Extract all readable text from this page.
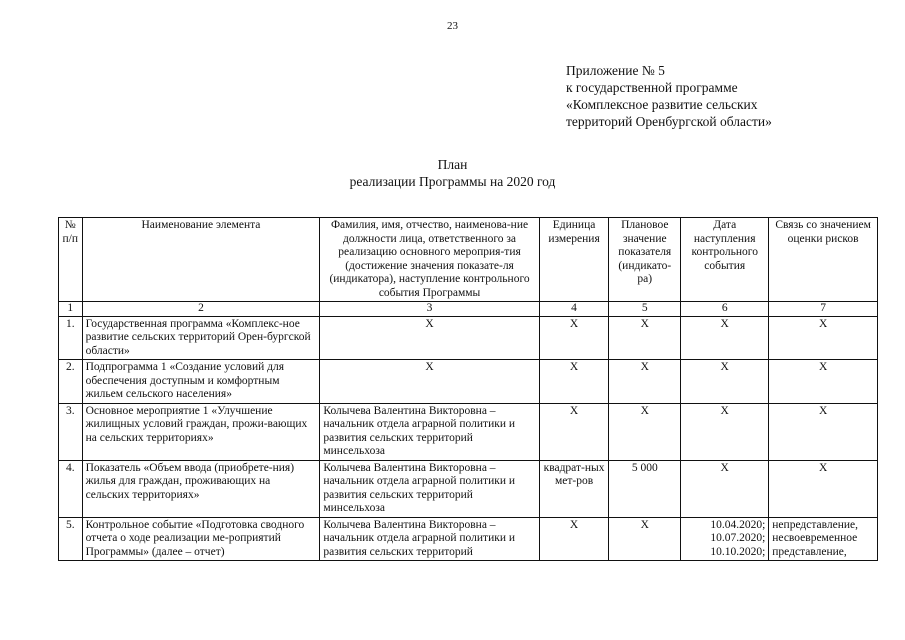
23
Приложение № 5
к государственной программе
«Комплексное развитие сельских
территорий Оренбургской области»
План
реализации Программы на 2020 год
№ п/п	Наименование элемента	Фамилия, имя, отчество, наименова-ние должности лица, ответственного за реализацию основного мероприя-тия (достижение значения показате-ля (индикатора), наступление контрольного события Программы	Единица измерения	Плановое значение показателя (индикато-ра)	Дата наступления контрольного события	Связь со значением оценки рисков
1	2	3	4	5	6	7
1.	Государственная программа «Комплекс-ное развитие сельских территорий Орен-бургской области»	Х	Х	Х	Х	Х
2.	Подпрограмма 1 «Создание условий для обеспечения доступным и комфортным жильем сельского населения»	Х	Х	Х	Х	Х
3.	Основное мероприятие 1 «Улучшение жилищных условий граждан, прожи-вающих на сельских территориях»	Колычева Валентина Викторовна – начальник отдела аграрной политики и развития сельских территорий минсельхоза	Х	Х	Х	Х
4.	Показатель «Объем ввода (приобрете-ния) жилья для граждан, проживающих на сельских территориях»	Колычева Валентина Викторовна – начальник отдела аграрной политики и развития сельских территорий минсельхоза	квадрат-ных мет-ров	5 000	Х	Х
5.	Контрольное событие «Подготовка сводного отчета о ходе реализации ме-роприятий Программы» (далее – отчет)	Колычева Валентина Викторовна – начальник отдела аграрной политики и развития сельских территорий	Х	Х	10.04.2020; 10.07.2020; 10.10.2020;	непредставление, несвоевременное представление,
